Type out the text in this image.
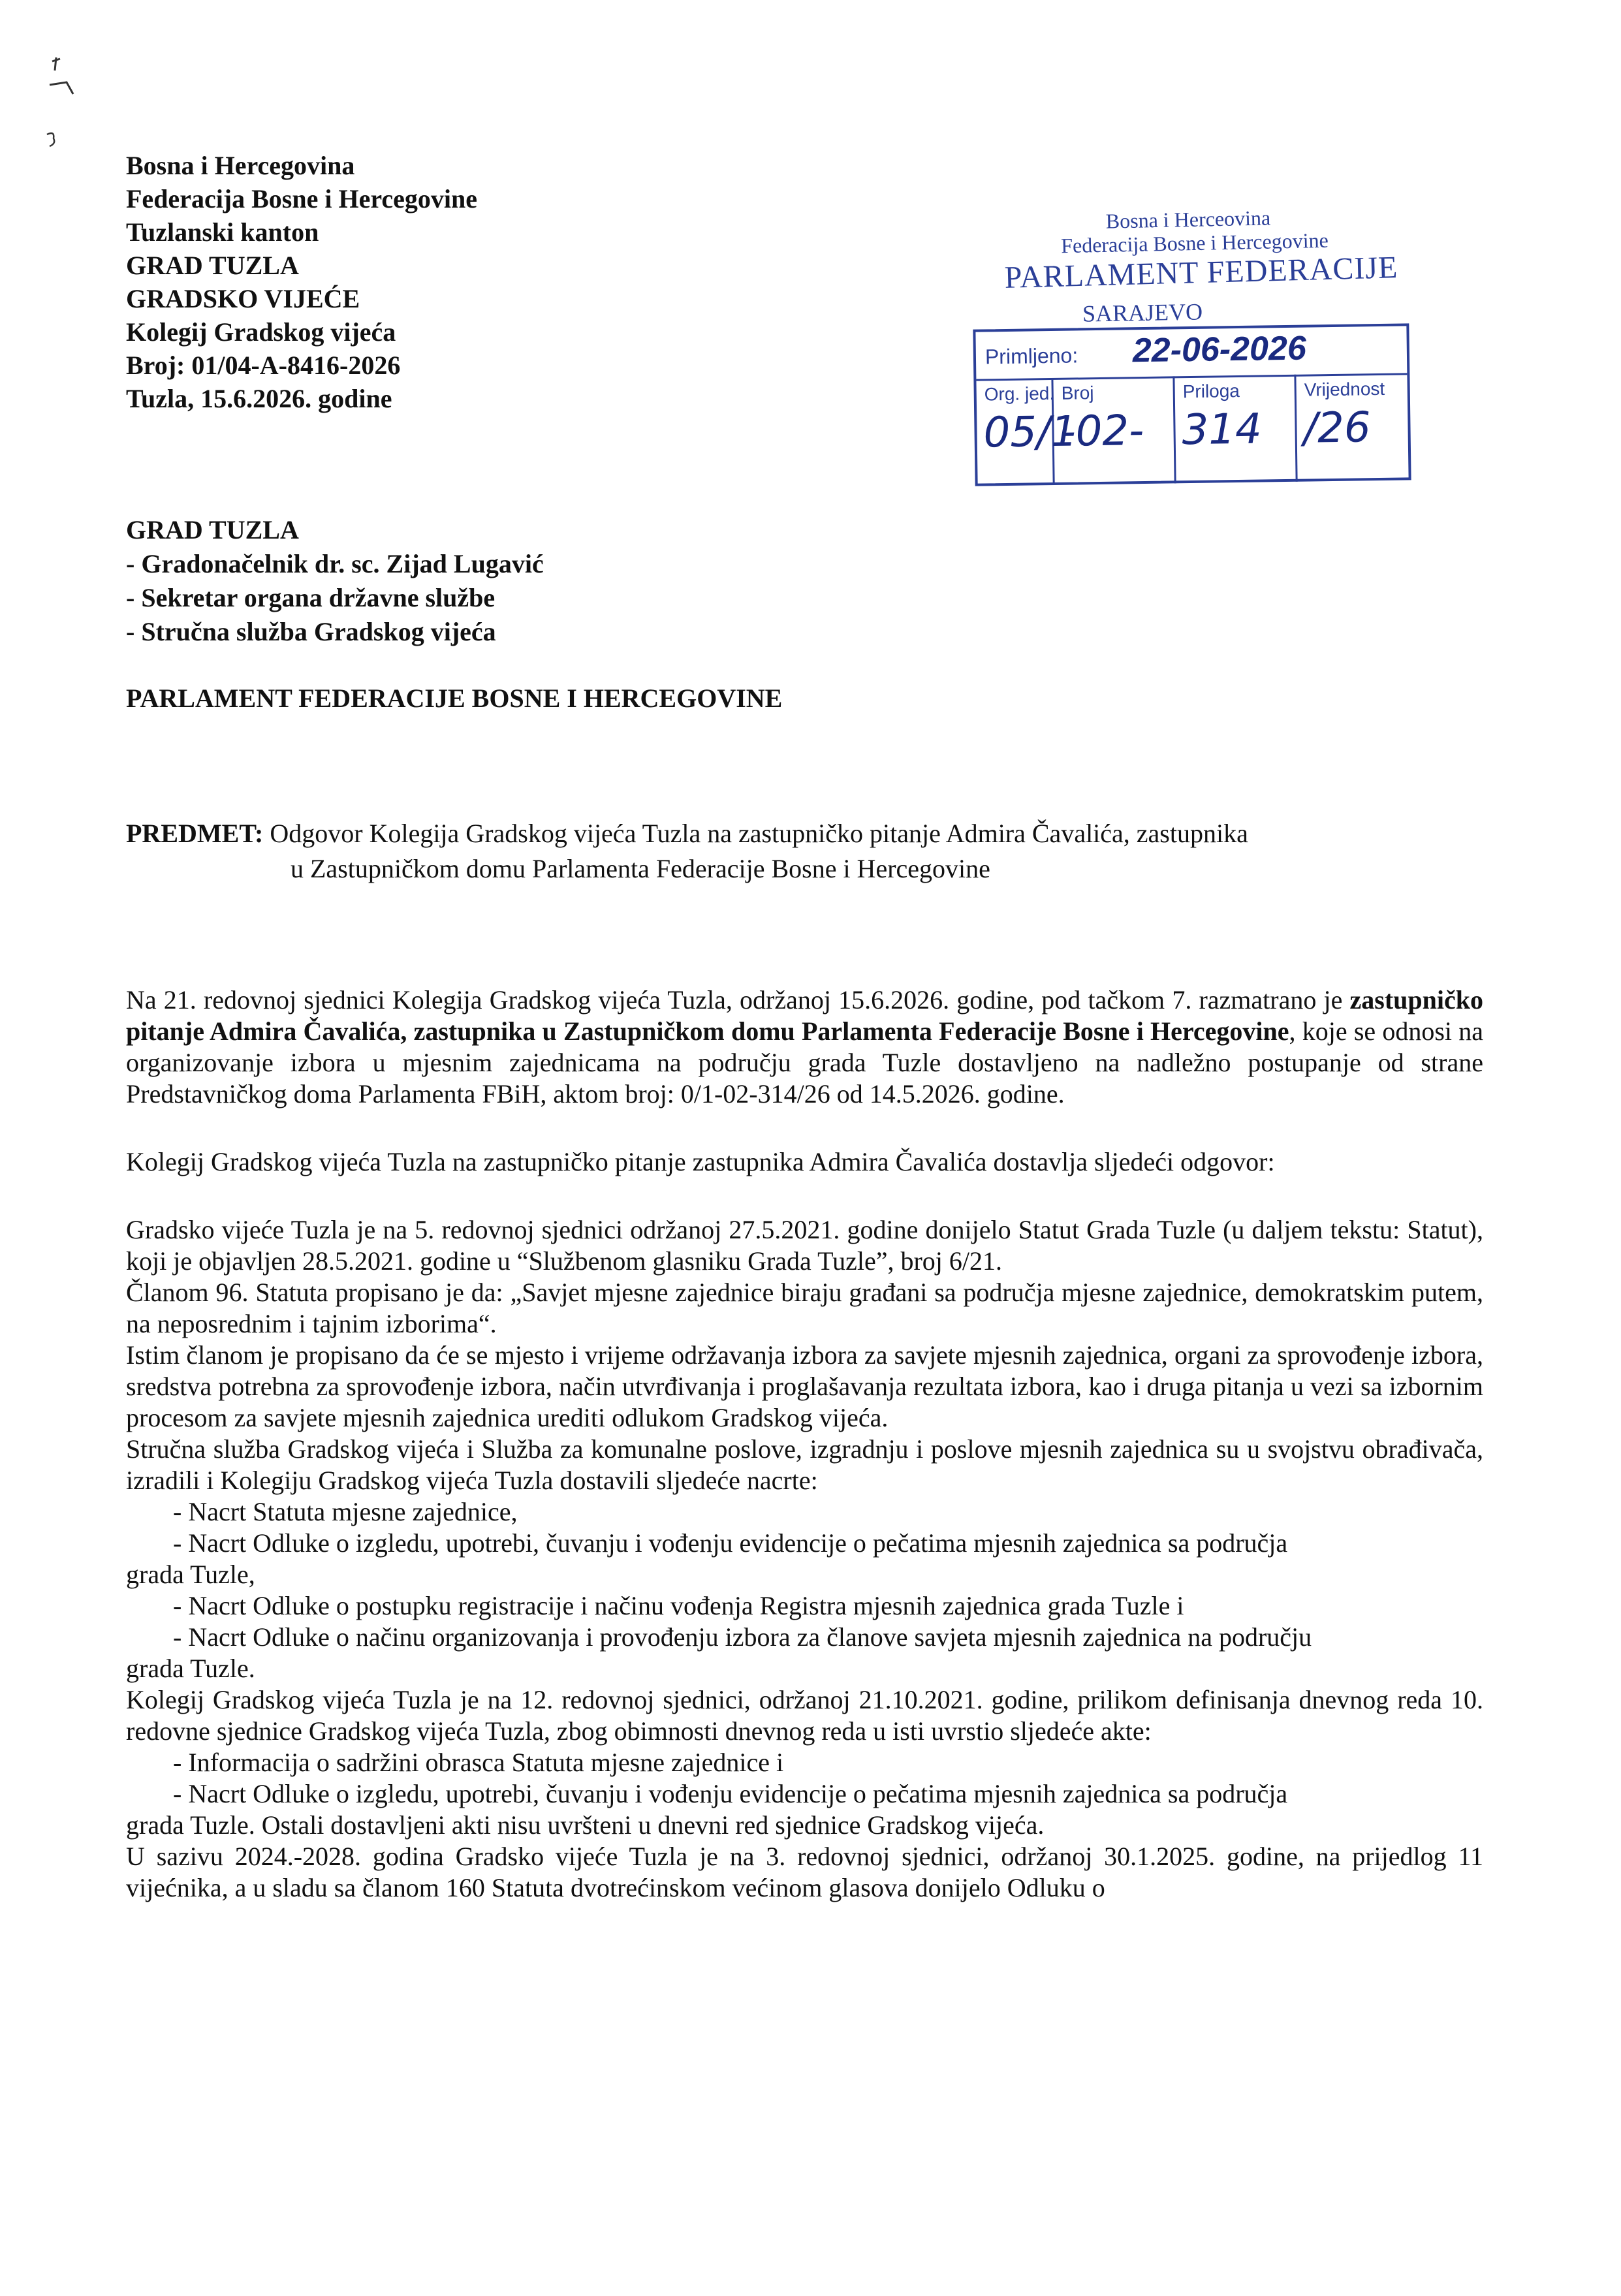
Bosna i Hercegovina
Federacija Bosne i Hercegovine
Tuzlanski kanton
GRAD TUZLA
GRADSKO VIJEĆE
Kolegij Gradskog vijeća
Broj: 01/04-A-8416-2026
Tuzla, 15.6.2026. godine
Bosna i Herceovina
Federacija Bosne i Hercegovine
PARLAMENT FEDERACIJE
SARAJEVO
Primljeno: 22-06-2026
Org. jed.
05/1
Broj
-02-
Priloga
314
Vrijednost
/26
GRAD TUZLA
- Gradonačelnik dr. sc. Zijad Lugavić
- Sekretar organa državne službe
- Stručna služba Gradskog vijeća
PARLAMENT FEDERACIJE BOSNE I HERCEGOVINE
PREDMET: Odgovor Kolegija Gradskog vijeća Tuzla na zastupničko pitanje Admira Čavalića, zastupnika
u Zastupničkom domu Parlamenta Federacije Bosne i Hercegovine

Na 21. redovnoj sjednici Kolegija Gradskog vijeća Tuzla, održanoj 15.6.2026. godine, pod tačkom 7. razmatrano je zastupničko pitanje Admira Čavalića, zastupnika u Zastupničkom domu Parlamenta Federacije Bosne i Hercegovine, koje se odnosi na organizovanje izbora u mjesnim zajednicama na području grada Tuzle dostavljeno na nadležno postupanje od strane Predstavničkog doma Parlamenta FBiH, aktom broj: 0/1-02-314/26 od 14.5.2026. godine.

Kolegij Gradskog vijeća Tuzla na zastupničko pitanje zastupnika Admira Čavalića dostavlja sljedeći odgovor:

Gradsko vijeće Tuzla je na 5. redovnoj sjednici održanoj 27.5.2021. godine donijelo Statut Grada Tuzle (u daljem tekstu: Statut), koji je objavljen 28.5.2021. godine u “Službenom glasniku Grada Tuzle”, broj 6/21.

Članom 96. Statuta propisano je da: „Savjet mjesne zajednice biraju građani sa područja mjesne zajednice, demokratskim putem, na neposrednim i tajnim izborima“.

Istim članom je propisano da će se mjesto i vrijeme održavanja izbora za savjete mjesnih zajednica, organi za sprovođenje izbora, sredstva potrebna za sprovođenje izbora, način utvrđivanja i proglašavanja rezultata izbora, kao i druga pitanja u vezi sa izbornim procesom za savjete mjesnih zajednica urediti odlukom Gradskog vijeća.

Stručna služba Gradskog vijeća i Služba za komunalne poslove, izgradnju i poslove mjesnih zajednica su u svojstvu obrađivača, izradili i Kolegiju Gradskog vijeća Tuzla dostavili sljedeće nacrte:

- Nacrt Statuta mjesne zajednice,

- Nacrt Odluke o izgledu, upotrebi, čuvanju i vođenju evidencije o pečatima mjesnih zajednica sa područja

grada Tuzle,

- Nacrt Odluke o postupku registracije i načinu vođenja Registra mjesnih zajednica grada Tuzle i

- Nacrt Odluke o načinu organizovanja i provođenju izbora za članove savjeta mjesnih zajednica na području

grada Tuzle.

Kolegij Gradskog vijeća Tuzla je na 12. redovnoj sjednici, održanoj 21.10.2021. godine, prilikom definisanja dnevnog reda 10. redovne sjednice Gradskog vijeća Tuzla, zbog obimnosti dnevnog reda u isti uvrstio sljedeće akte:

- Informacija o sadržini obrasca Statuta mjesne zajednice i

- Nacrt Odluke o izgledu, upotrebi, čuvanju i vođenju evidencije o pečatima mjesnih zajednica sa područja

grada Tuzle. Ostali dostavljeni akti nisu uvršteni u dnevni red sjednice Gradskog vijeća.

U sazivu 2024.-2028. godina Gradsko vijeće Tuzla je na 3. redovnoj sjednici, održanoj 30.1.2025. godine, na prijedlog 11 vijećnika, a u sladu sa članom 160 Statuta dvotrećinskom većinom glasova donijelo Odluku o
